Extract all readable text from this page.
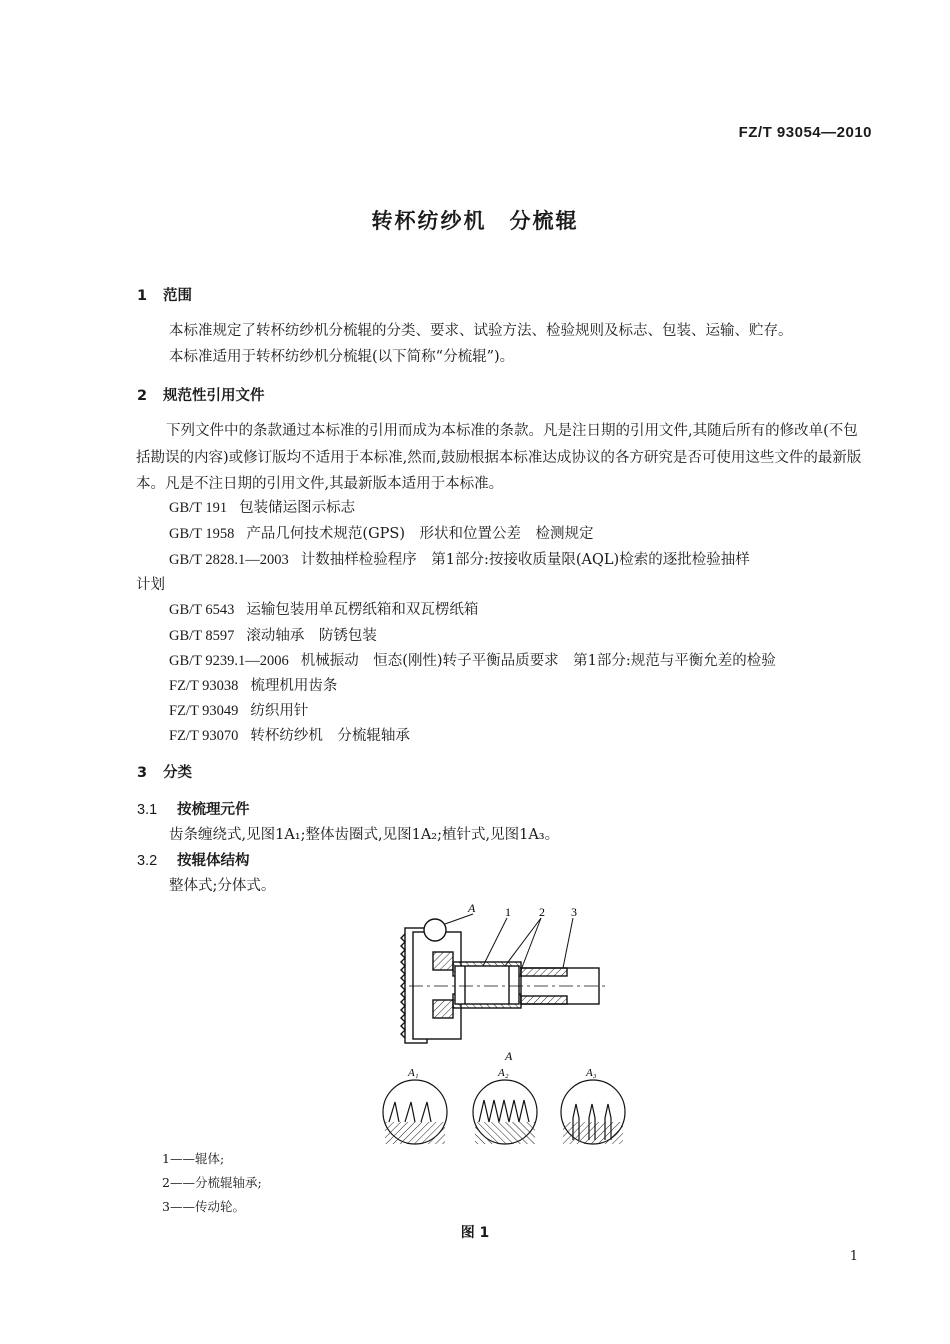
FZ/T 93054—2010
转杯纺纱机　分梳辊
1 范围
本标准规定了转杯纺纱机分梳辊的分类、要求、试验方法、检验规则及标志、包装、运输、贮存。
本标准适用于转杯纺纱机分梳辊(以下简称“分梳辊”)。
2 规范性引用文件
下列文件中的条款通过本标准的引用而成为本标准的条款。凡是注日期的引用文件,其随后所有的修改单(不包括勘误的内容)或修订版均不适用于本标准,然而,鼓励根据本标准达成协议的各方研究是否可使用这些文件的最新版本。凡是不注日期的引用文件,其最新版本适用于本标准。
GB/T 191 包装储运图示标志
GB/T 1958 产品几何技术规范(GPS)　形状和位置公差　检测规定
GB/T 2828.1—2003 计数抽样检验程序　第1部分:按接收质量限(AQL)检索的逐批检验抽样
计划
GB/T 6543 运输包装用单瓦楞纸箱和双瓦楞纸箱
GB/T 8597 滚动轴承　防锈包装
GB/T 9239.1—2006 机械振动　恒态(刚性)转子平衡品质要求　第1部分:规范与平衡允差的检验
FZ/T 93038 梳理机用齿条
FZ/T 93049 纺织用针
FZ/T 93070 转杯纺纱机　分梳辊轴承
3 分类
3.1 按梳理元件
齿条缠绕式,见图1A₁;整体齿圈式,见图1A₂;植针式,见图1A₃。
3.2 按辊体结构
整体式;分体式。
A 1 2 3
A
A₁	A₂	A₃
1——辊体;
2——分梳辊轴承;
3——传动轮。
图 1
1
